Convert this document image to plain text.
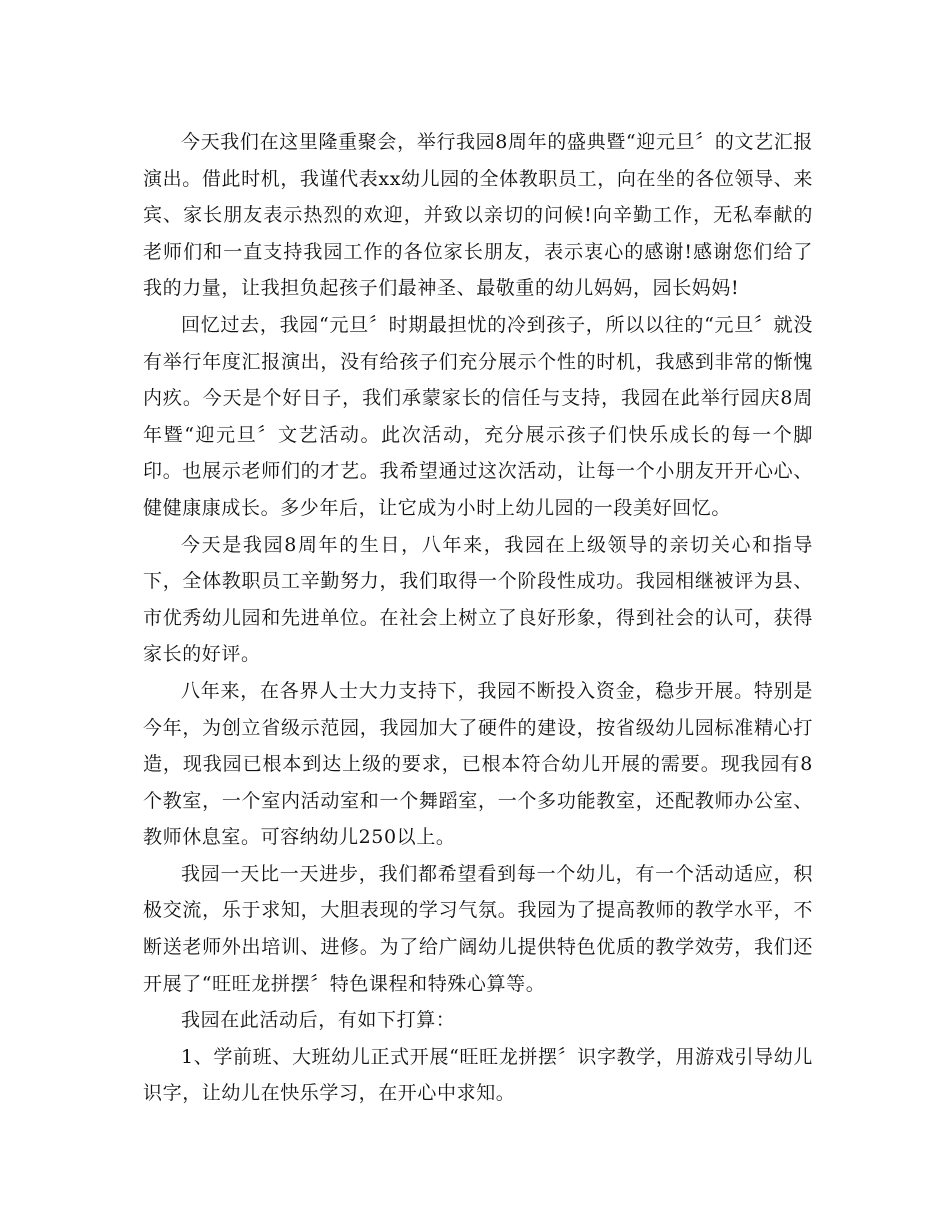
今天我们在这里隆重聚会，举行我园8周年的盛典暨“迎元旦〞的文艺汇报演出。借此时机，我谨代表xx幼儿园的全体教职员工，向在坐的各位领导、来宾、家长朋友表示热烈的欢迎，并致以亲切的问候!向辛勤工作，无私奉献的老师们和一直支持我园工作的各位家长朋友，表示衷心的感谢!感谢您们给了我的力量，让我担负起孩子们最神圣、最敬重的幼儿妈妈，园长妈妈!

回忆过去，我园“元旦〞时期最担忧的冷到孩子，所以以往的“元旦〞就没有举行年度汇报演出，没有给孩子们充分展示个性的时机，我感到非常的惭愧内疚。今天是个好日子，我们承蒙家长的信任与支持，我园在此举行园庆8周年暨“迎元旦〞文艺活动。此次活动，充分展示孩子们快乐成长的每一个脚印。也展示老师们的才艺。我希望通过这次活动，让每一个小朋友开开心心、健健康康成长。多少年后，让它成为小时上幼儿园的一段美好回忆。

今天是我园8周年的生日，八年来，我园在上级领导的亲切关心和指导下，全体教职员工辛勤努力，我们取得一个阶段性成功。我园相继被评为县、市优秀幼儿园和先进单位。在社会上树立了良好形象，得到社会的认可，获得家长的好评。

八年来，在各界人士大力支持下，我园不断投入资金，稳步开展。特别是今年，为创立省级示范园，我园加大了硬件的建设，按省级幼儿园标准精心打造，现我园已根本到达上级的要求，已根本符合幼儿开展的需要。现我园有8个教室，一个室内活动室和一个舞蹈室，一个多功能教室，还配教师办公室、教师休息室。可容纳幼儿250以上。

我园一天比一天进步，我们都希望看到每一个幼儿，有一个活动适应，积极交流，乐于求知，大胆表现的学习气氛。我园为了提高教师的教学水平，不断送老师外出培训、进修。为了给广阔幼儿提供特色优质的教学效劳，我们还开展了“旺旺龙拼摆〞特色课程和特殊心算等。

我园在此活动后，有如下打算：

1、学前班、大班幼儿正式开展“旺旺龙拼摆〞识字教学，用游戏引导幼儿识字，让幼儿在快乐学习，在开心中求知。
